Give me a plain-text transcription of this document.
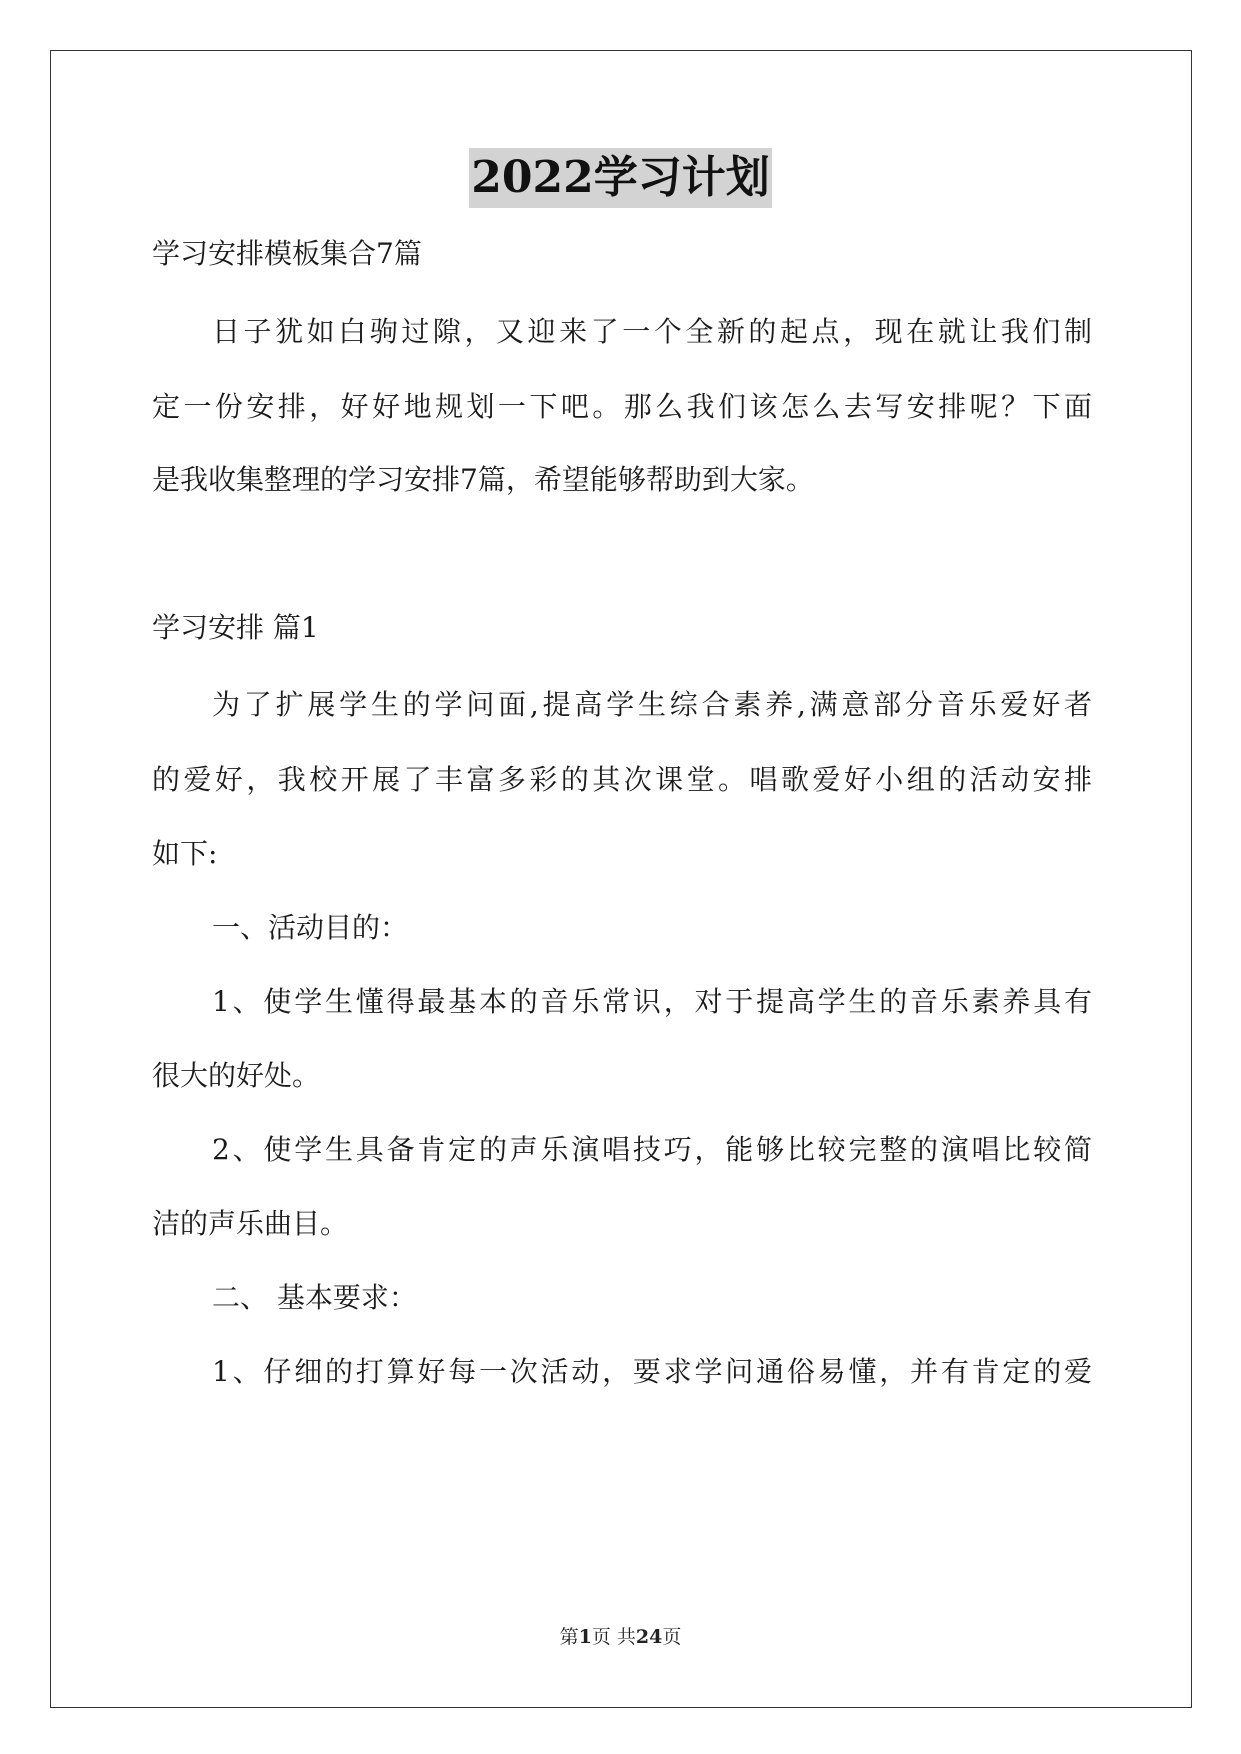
2022学习计划
学习安排模板集合7篇
日子犹如白驹过隙，又迎来了一个全新的起点，现在就让我们制
定一份安排，好好地规划一下吧。那么我们该怎么去写安排呢？下面
是我收集整理的学习安排7篇，希望能够帮助到大家。
学习安排 篇1
为了扩展学生的学问面,提高学生综合素养,满意部分音乐爱好者
的爱好，我校开展了丰富多彩的其次课堂。唱歌爱好小组的活动安排
如下:
一、活动目的：
1、使学生懂得最基本的音乐常识，对于提高学生的音乐素养具有
很大的好处。
2、使学生具备肯定的声乐演唱技巧，能够比较完整的演唱比较简
洁的声乐曲目。
二、 基本要求：
1、仔细的打算好每一次活动，要求学问通俗易懂，并有肯定的爱
第1页 共24页
